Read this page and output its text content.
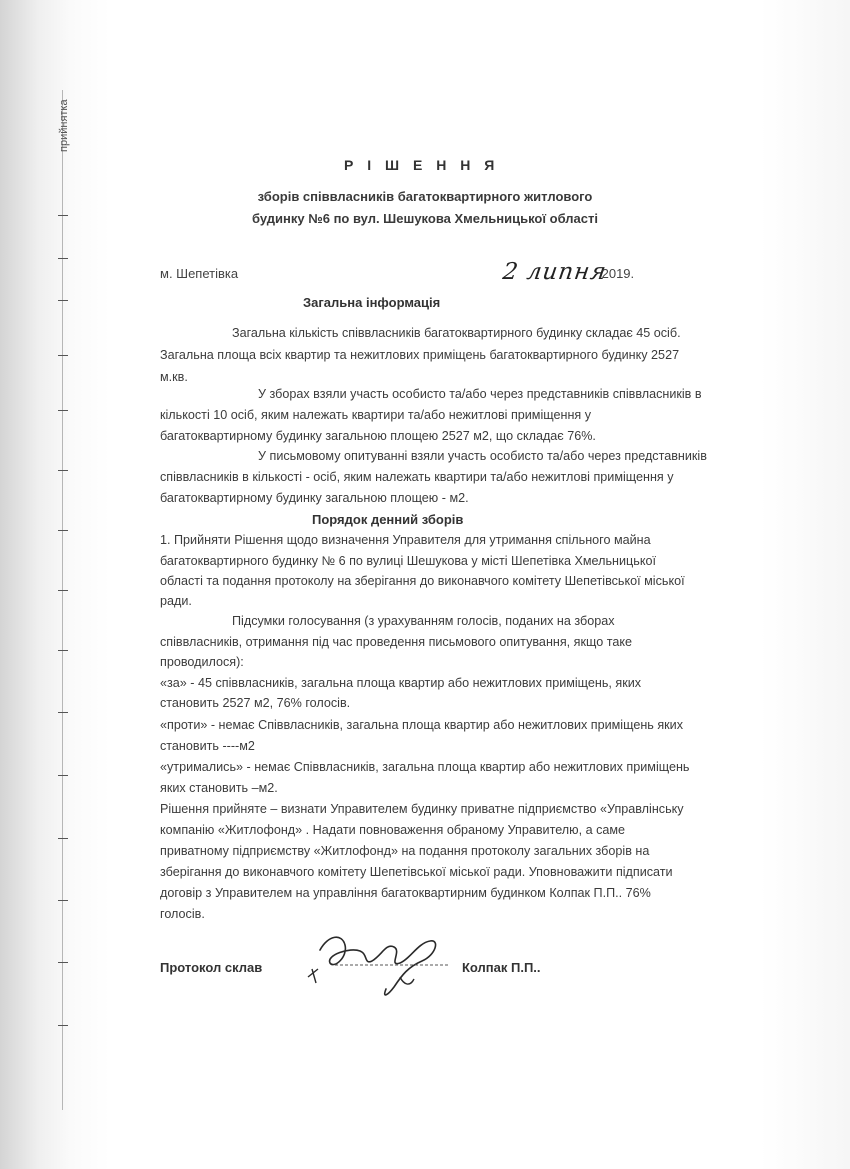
прийнятка
Р І Ш Е Н Н Я
зборів співвласників багатоквартирного житлового
будинку №6 по вул. Шешукова Хмельницької області
м. Шепетівка	2 липня
.2019.
Загальна інформація
Загальна кількість співвласників багатоквартирного будинку складає 45 осіб.
Загальна площа всіх квартир та нежитлових приміщень багатоквартирного будинку 2527
м.кв.
У зборах взяли участь особисто та/або через представників співвласників в
кількості 10 осіб, яким належать квартири та/або нежитлові приміщення у
багатоквартирному будинку загальною площею 2527 м2, що складає 76%.
У письмовому опитуванні взяли участь особисто та/або через представників
співвласників в кількості - осіб, яким належать квартири та/або нежитлові приміщення у
багатоквартирному будинку загальною площею - м2.
Порядок денний зборів
1. Прийняти Рішення щодо визначення Управителя для утримання спільного майна
багатоквартирного будинку № 6 по вулиці Шешукова у місті Шепетівка Хмельницької
області та подання протоколу на зберігання до виконавчого комітету Шепетівської міської
ради.
Підсумки голосування (з урахуванням голосів, поданих на зборах
співвласників, отримання під час проведення письмового опитування, якщо таке
проводилося):
«за» - 45 співвласників, загальна площа квартир або нежитлових приміщень, яких
становить 2527 м2, 76% голосів.
«проти» - немає Співвласників, загальна площа квартир або нежитлових приміщень яких
становить ----м2
«утримались» - немає Співвласників, загальна площа квартир або нежитлових приміщень
яких становить –м2.
Рішення прийняте – визнати Управителем будинку приватне підприємство «Управлінську
компанію «Житлофонд» . Надати повноваження обраному Управителю, а саме
приватному підприємству «Житлофонд» на подання протоколу загальних зборів на
зберігання до виконавчого комітету Шепетівської міської ради. Уповноважити підписати
договір з Управителем на управління багатоквартирним будинком Колпак П.П.. 76%
голосів.
Протокол склав	Колпак П.П..
